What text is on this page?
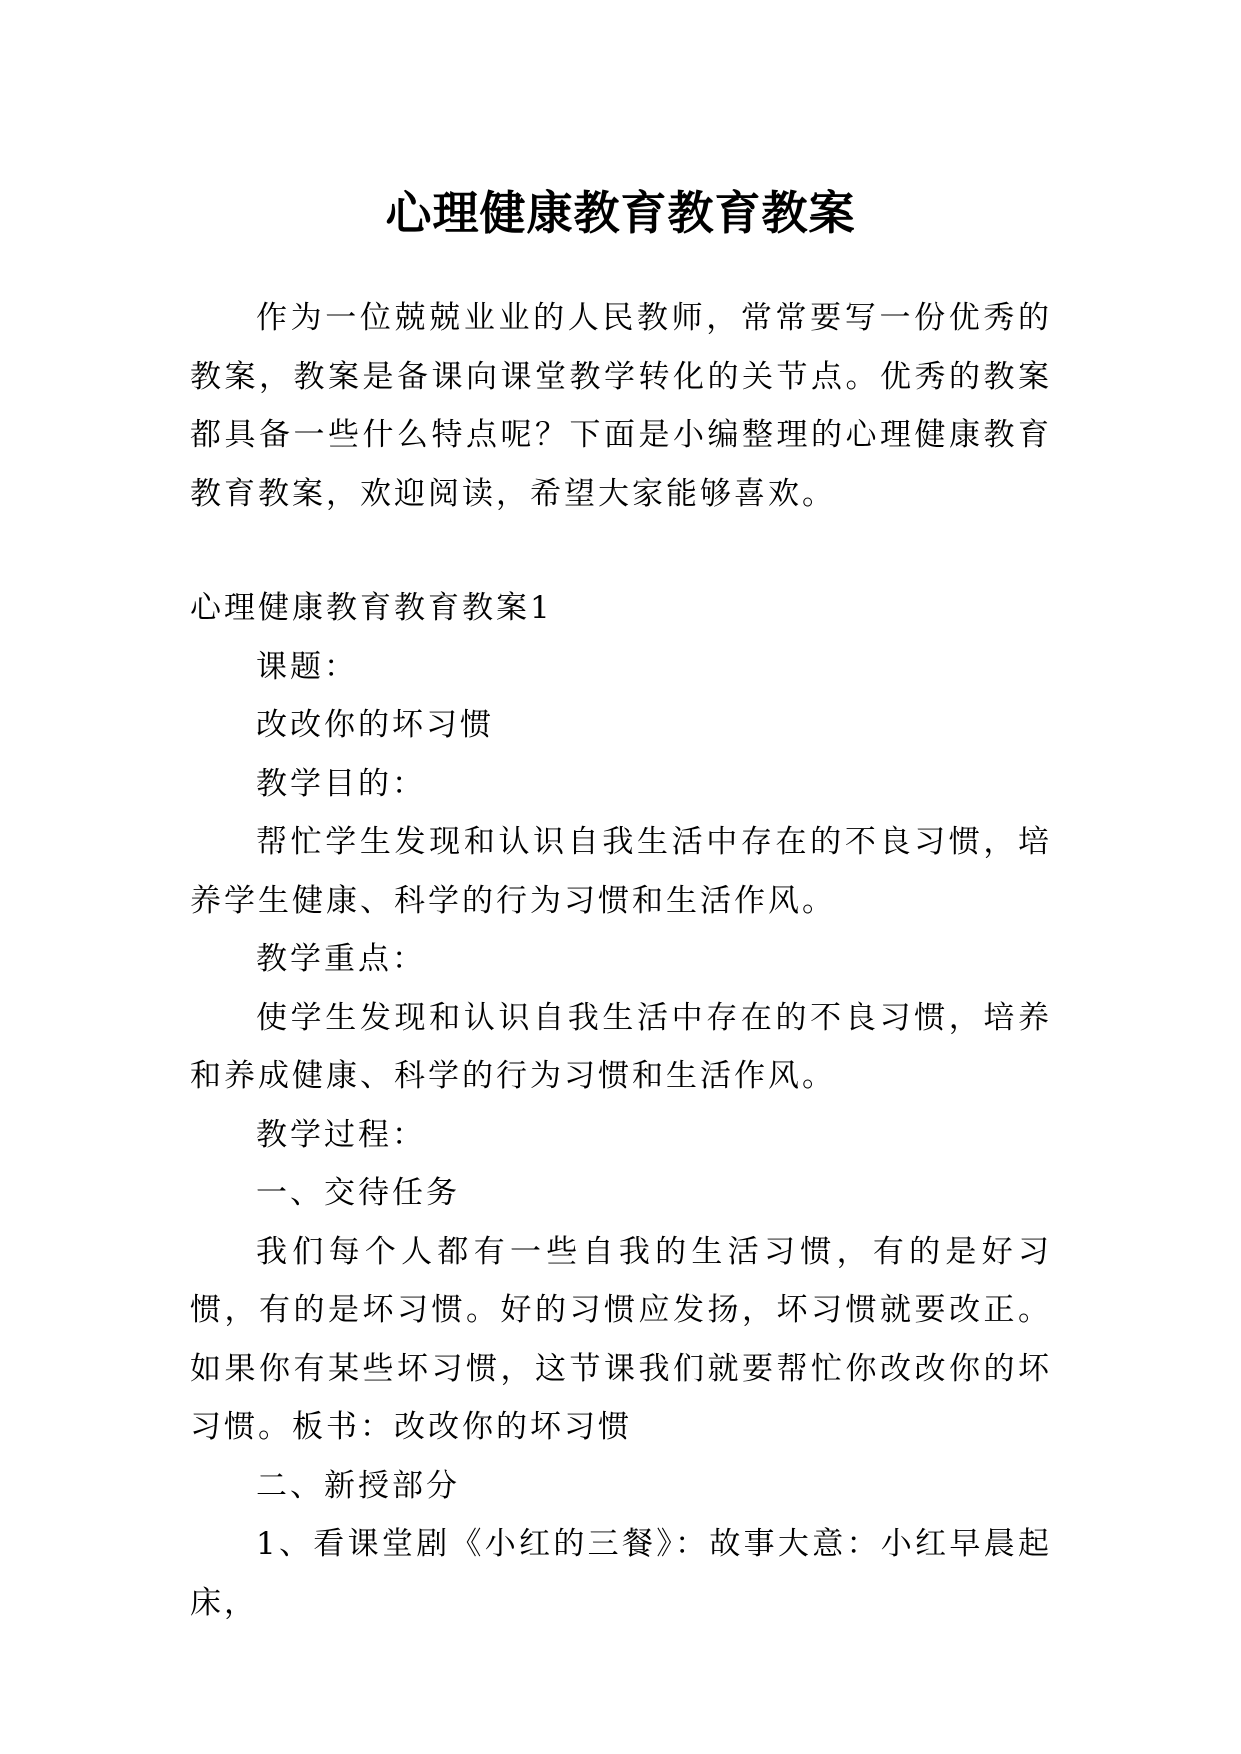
心理健康教育教育教案

作为一位兢兢业业的人民教师，常常要写一份优秀的教案，教案是备课向课堂教学转化的关节点。优秀的教案都具备一些什么特点呢？下面是小编整理的心理健康教育教育教案，欢迎阅读，希望大家能够喜欢。

心理健康教育教育教案1

课题：

改改你的坏习惯

教学目的：

帮忙学生发现和认识自我生活中存在的不良习惯，培养学生健康、科学的行为习惯和生活作风。

教学重点：

使学生发现和认识自我生活中存在的不良习惯，培养和养成健康、科学的行为习惯和生活作风。

教学过程：

一、交待任务

我们每个人都有一些自我的生活习惯，有的是好习惯，有的是坏习惯。好的习惯应发扬，坏习惯就要改正。如果你有某些坏习惯，这节课我们就要帮忙你改改你的坏习惯。板书：改改你的坏习惯

二、新授部分

1、看课堂剧《小红的三餐》：故事大意：小红早晨起床，
